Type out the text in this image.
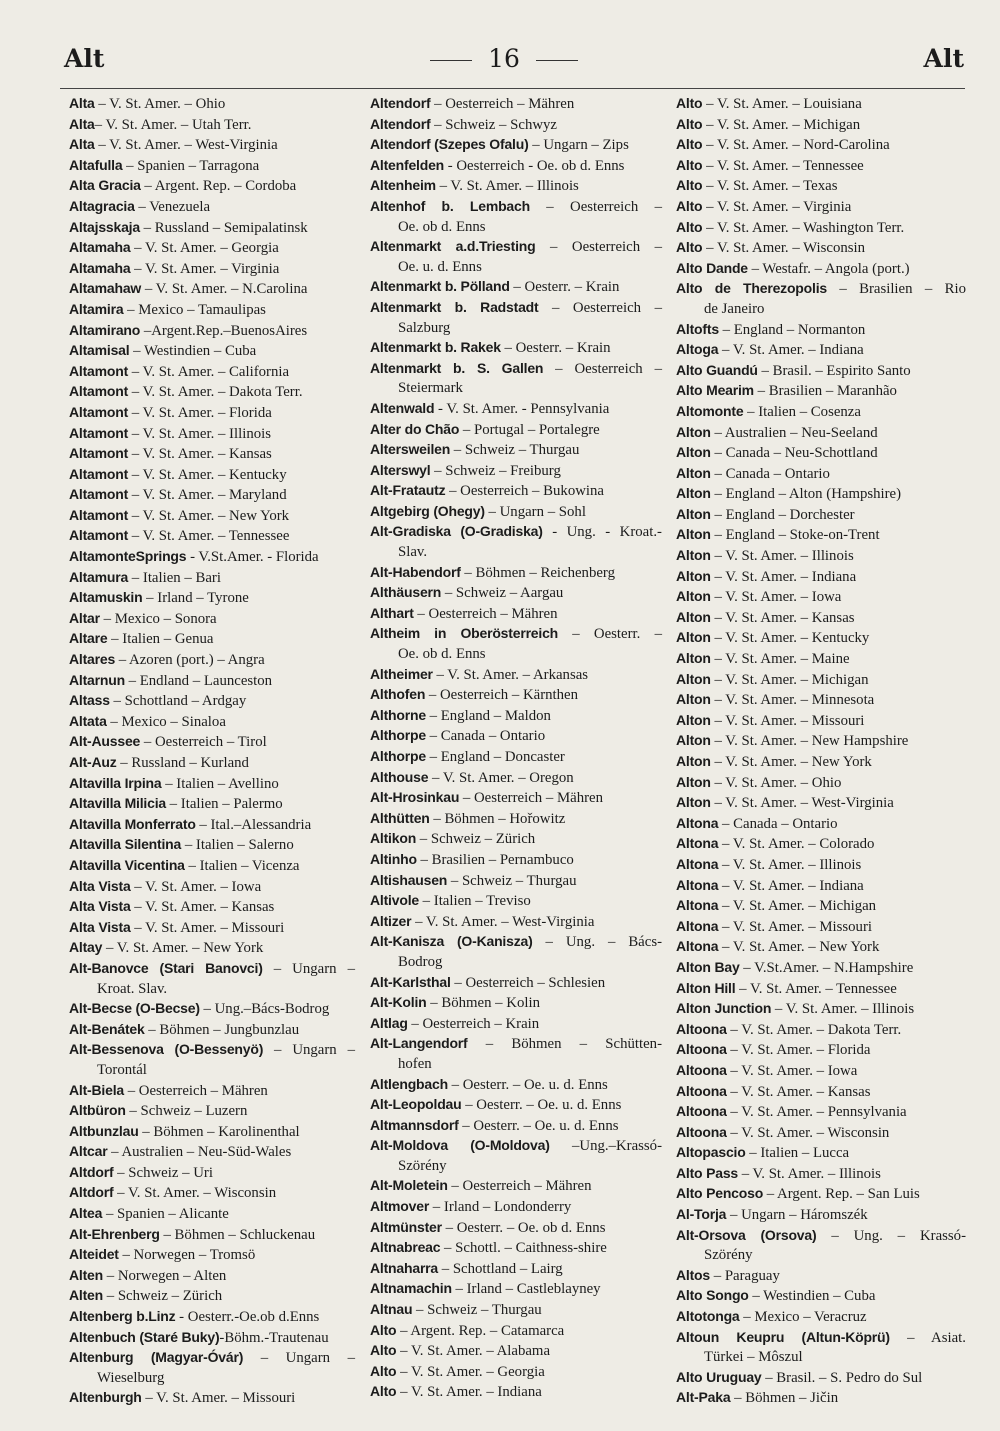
Alt	16	Alt
Alta – V. St. Amer. – Ohio
Alta– V. St. Amer. – Utah Terr.
Alta – V. St. Amer. – West-Virginia
Altafulla – Spanien – Tarragona
Alta Gracia – Argent. Rep. – Cordoba
Altagracia – Venezuela
Altajsskaja – Russland – Semipalatinsk
Altamaha – V. St. Amer. – Georgia
Altamaha – V. St. Amer. – Virginia
Altamahaw – V. St. Amer. – N.Carolina
Altamira – Mexico – Tamaulipas
Altamirano –Argent.Rep.–BuenosAires
Altamisal – Westindien – Cuba
Altamont – V. St. Amer. – California
Altamont – V. St. Amer. – Dakota Terr.
Altamont – V. St. Amer. – Florida
Altamont – V. St. Amer. – Illinois
Altamont – V. St. Amer. – Kansas
Altamont – V. St. Amer. – Kentucky
Altamont – V. St. Amer. – Maryland
Altamont – V. St. Amer. – New York
Altamont – V. St. Amer. – Tennessee
AltamonteSprings - V.St.Amer. - Florida
Altamura – Italien – Bari
Altamuskin – Irland – Tyrone
Altar – Mexico – Sonora
Altare – Italien – Genua
Altares – Azoren (port.) – Angra
Altarnun – Endland – Launceston
Altass – Schottland – Ardgay
Altata – Mexico – Sinaloa
Alt-Aussee – Oesterreich – Tirol
Alt-Auz – Russland – Kurland
Altavilla Irpina – Italien – Avellino
Altavilla Milicia – Italien – Palermo
Altavilla Monferrato – Ital.–Alessandria
Altavilla Silentina – Italien – Salerno
Altavilla Vicentina – Italien – Vicenza
Alta Vista – V. St. Amer. – Iowa
Alta Vista – V. St. Amer. – Kansas
Alta Vista – V. St. Amer. – Missouri
Altay – V. St. Amer. – New York
Alt-Banovce (Stari Banovci) – Ungarn –
Kroat. Slav.
Alt-Becse (O-Becse) – Ung.–Bács-Bodrog
Alt-Benátek – Böhmen – Jungbunzlau
Alt-Bessenova (O-Bessenyö) – Ungarn –
Torontál
Alt-Biela – Oesterreich – Mähren
Altbüron – Schweiz – Luzern
Altbunzlau – Böhmen – Karolinenthal
Altcar – Australien – Neu-Süd-Wales
Altdorf – Schweiz – Uri
Altdorf – V. St. Amer. – Wisconsin
Altea – Spanien – Alicante
Alt-Ehrenberg – Böhmen – Schluckenau
Alteidet – Norwegen – Tromsö
Alten – Norwegen – Alten
Alten – Schweiz – Zürich
Altenberg b.Linz - Oesterr.-Oe.ob d.Enns
Altenbuch (Staré Buky)-Böhm.-Trautenau
Altenburg (Magyar-Óvár) – Ungarn –
Wieselburg
Altenburgh – V. St. Amer. – Missouri
Altendorf – Oesterreich – Mähren
Altendorf – Schweiz – Schwyz
Altendorf (Szepes Ofalu) – Ungarn – Zips
Altenfelden - Oesterreich - Oe. ob d. Enns
Altenheim – V. St. Amer. – Illinois
Altenhof b. Lembach – Oesterreich –
Oe. ob d. Enns
Altenmarkt a.d.Triesting – Oesterreich –
Oe. u. d. Enns
Altenmarkt b. Pölland – Oesterr. – Krain
Altenmarkt b. Radstadt – Oesterreich –
Salzburg
Altenmarkt b. Rakek – Oesterr. – Krain
Altenmarkt b. S. Gallen – Oesterreich –
Steiermark
Altenwald - V. St. Amer. - Pennsylvania
Alter do Chão – Portugal – Portalegre
Altersweilen – Schweiz – Thurgau
Alterswyl – Schweiz – Freiburg
Alt-Fratautz – Oesterreich – Bukowina
Altgebirg (Ohegy) – Ungarn – Sohl
Alt-Gradiska (O-Gradiska) - Ung. - Kroat.-
Slav.
Alt-Habendorf – Böhmen – Reichenberg
Althäusern – Schweiz – Aargau
Althart – Oesterreich – Mähren
Altheim in Oberösterreich – Oesterr. –
Oe. ob d. Enns
Altheimer – V. St. Amer. – Arkansas
Althofen – Oesterreich – Kärnthen
Althorne – England – Maldon
Althorpe – Canada – Ontario
Althorpe – England – Doncaster
Althouse – V. St. Amer. – Oregon
Alt-Hrosinkau – Oesterreich – Mähren
Althütten – Böhmen – Hořowitz
Altikon – Schweiz – Zürich
Altinho – Brasilien – Pernambuco
Altishausen – Schweiz – Thurgau
Altivole – Italien – Treviso
Altizer – V. St. Amer. – West-Virginia
Alt-Kanisza (O-Kanisza) – Ung. – Bács-
Bodrog
Alt-Karlsthal – Oesterreich – Schlesien
Alt-Kolin – Böhmen – Kolin
Altlag – Oesterreich – Krain
Alt-Langendorf – Böhmen – Schütten-
hofen
Altlengbach – Oesterr. – Oe. u. d. Enns
Alt-Leopoldau – Oesterr. – Oe. u. d. Enns
Altmannsdorf – Oesterr. – Oe. u. d. Enns
Alt-Moldova (O-Moldova) –Ung.–Krassó-
Szörény
Alt-Moletein – Oesterreich – Mähren
Altmover – Irland – Londonderry
Altmünster – Oesterr. – Oe. ob d. Enns
Altnabreac – Schottl. – Caithness-shire
Altnaharra – Schottland – Lairg
Altnamachin – Irland – Castleblayney
Altnau – Schweiz – Thurgau
Alto – Argent. Rep. – Catamarca
Alto – V. St. Amer. – Alabama
Alto – V. St. Amer. – Georgia
Alto – V. St. Amer. – Indiana
Alto – V. St. Amer. – Louisiana
Alto – V. St. Amer. – Michigan
Alto – V. St. Amer. – Nord-Carolina
Alto – V. St. Amer. – Tennessee
Alto – V. St. Amer. – Texas
Alto – V. St. Amer. – Virginia
Alto – V. St. Amer. – Washington Terr.
Alto – V. St. Amer. – Wisconsin
Alto Dande – Westafr. – Angola (port.)
Alto de Therezopolis – Brasilien – Rio
de Janeiro
Altofts – England – Normanton
Altoga – V. St. Amer. – Indiana
Alto Guandú – Brasil. – Espirito Santo
Alto Mearim – Brasilien – Maranhão
Altomonte – Italien – Cosenza
Alton – Australien – Neu-Seeland
Alton – Canada – Neu-Schottland
Alton – Canada – Ontario
Alton – England – Alton (Hampshire)
Alton – England – Dorchester
Alton – England – Stoke-on-Trent
Alton – V. St. Amer. – Illinois
Alton – V. St. Amer. – Indiana
Alton – V. St. Amer. – Iowa
Alton – V. St. Amer. – Kansas
Alton – V. St. Amer. – Kentucky
Alton – V. St. Amer. – Maine
Alton – V. St. Amer. – Michigan
Alton – V. St. Amer. – Minnesota
Alton – V. St. Amer. – Missouri
Alton – V. St. Amer. – New Hampshire
Alton – V. St. Amer. – New York
Alton – V. St. Amer. – Ohio
Alton – V. St. Amer. – West-Virginia
Altona – Canada – Ontario
Altona – V. St. Amer. – Colorado
Altona – V. St. Amer. – Illinois
Altona – V. St. Amer. – Indiana
Altona – V. St. Amer. – Michigan
Altona – V. St. Amer. – Missouri
Altona – V. St. Amer. – New York
Alton Bay – V.St.Amer. – N.Hampshire
Alton Hill – V. St. Amer. – Tennessee
Alton Junction – V. St. Amer. – Illinois
Altoona – V. St. Amer. – Dakota Terr.
Altoona – V. St. Amer. – Florida
Altoona – V. St. Amer. – Iowa
Altoona – V. St. Amer. – Kansas
Altoona – V. St. Amer. – Pennsylvania
Altoona – V. St. Amer. – Wisconsin
Altopascio – Italien – Lucca
Alto Pass – V. St. Amer. – Illinois
Alto Pencoso – Argent. Rep. – San Luis
Al-Torja – Ungarn – Háromszék
Alt-Orsova (Orsova) – Ung. – Krassó-
Szörény
Altos – Paraguay
Alto Songo – Westindien – Cuba
Altotonga – Mexico – Veracruz
Altoun Keupru (Altun-Köprü) – Asiat.
Türkei – Môszul
Alto Uruguay – Brasil. – S. Pedro do Sul
Alt-Paka – Böhmen – Jičin
